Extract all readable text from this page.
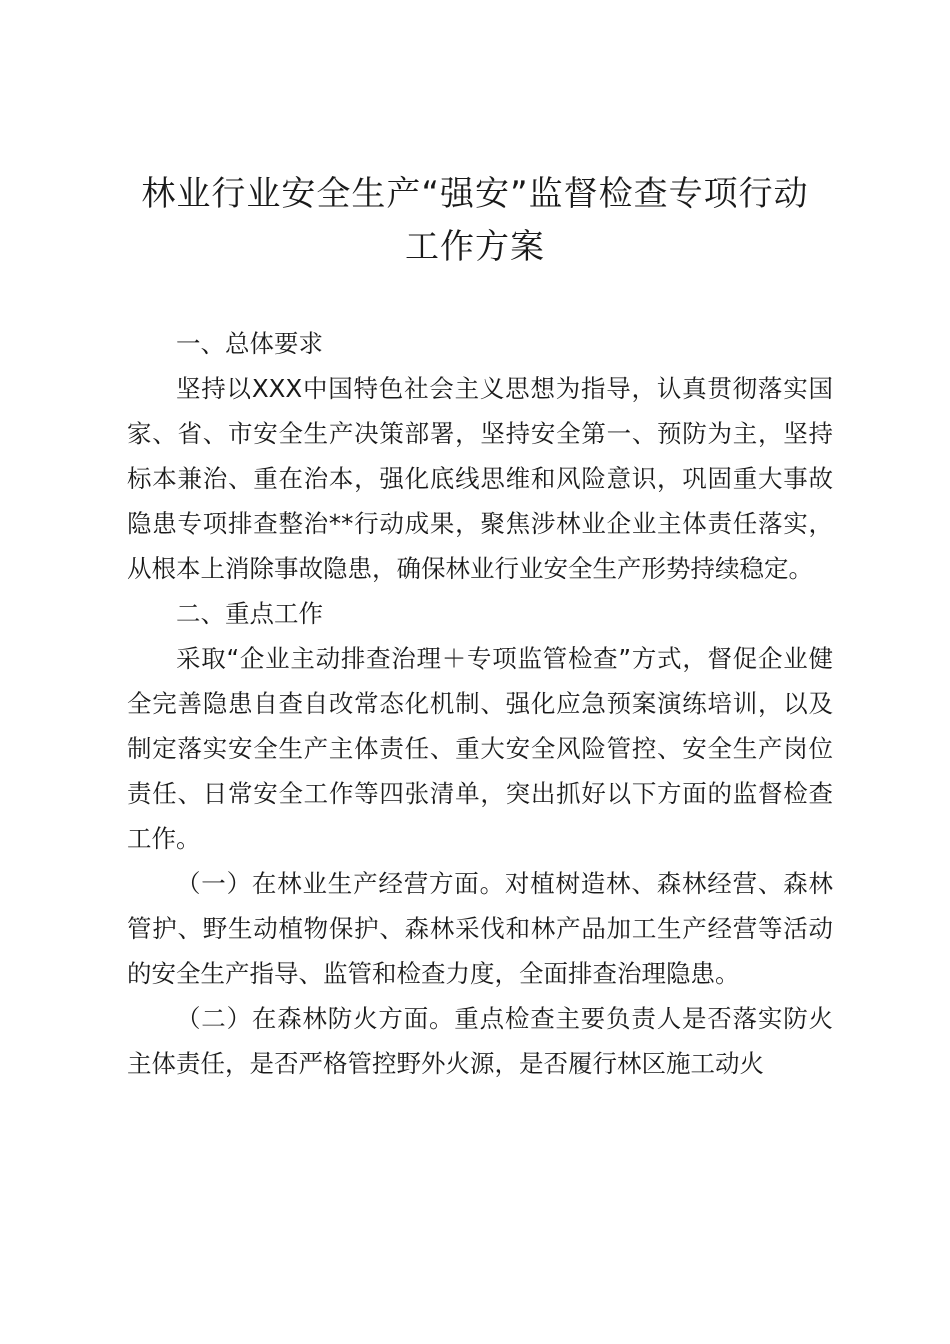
林业行业安全生产“强安”监督检查专项行动
工作方案

一、总体要求

坚持以XXX中国特色社会主义思想为指导，认真贯彻落实国家、省、市安全生产决策部署，坚持安全第一、预防为主，坚持标本兼治、重在治本，强化底线思维和风险意识，巩固重大事故隐患专项排查整治**行动成果，聚焦涉林业企业主体责任落实，从根本上消除事故隐患，确保林业行业安全生产形势持续稳定。

二、重点工作

采取“企业主动排查治理＋专项监管检查”方式，督促企业健全完善隐患自查自改常态化机制、强化应急预案演练培训，以及制定落实安全生产主体责任、重大安全风险管控、安全生产岗位责任、日常安全工作等四张清单，突出抓好以下方面的监督检查工作。

（一）在林业生产经营方面。对植树造林、森林经营、森林管护、野生动植物保护、森林采伐和林产品加工生产经营等活动的安全生产指导、监管和检查力度，全面排查治理隐患。

（二）在森林防火方面。重点检查主要负责人是否落实防火主体责任，是否严格管控野外火源，是否履行林区施工动火
